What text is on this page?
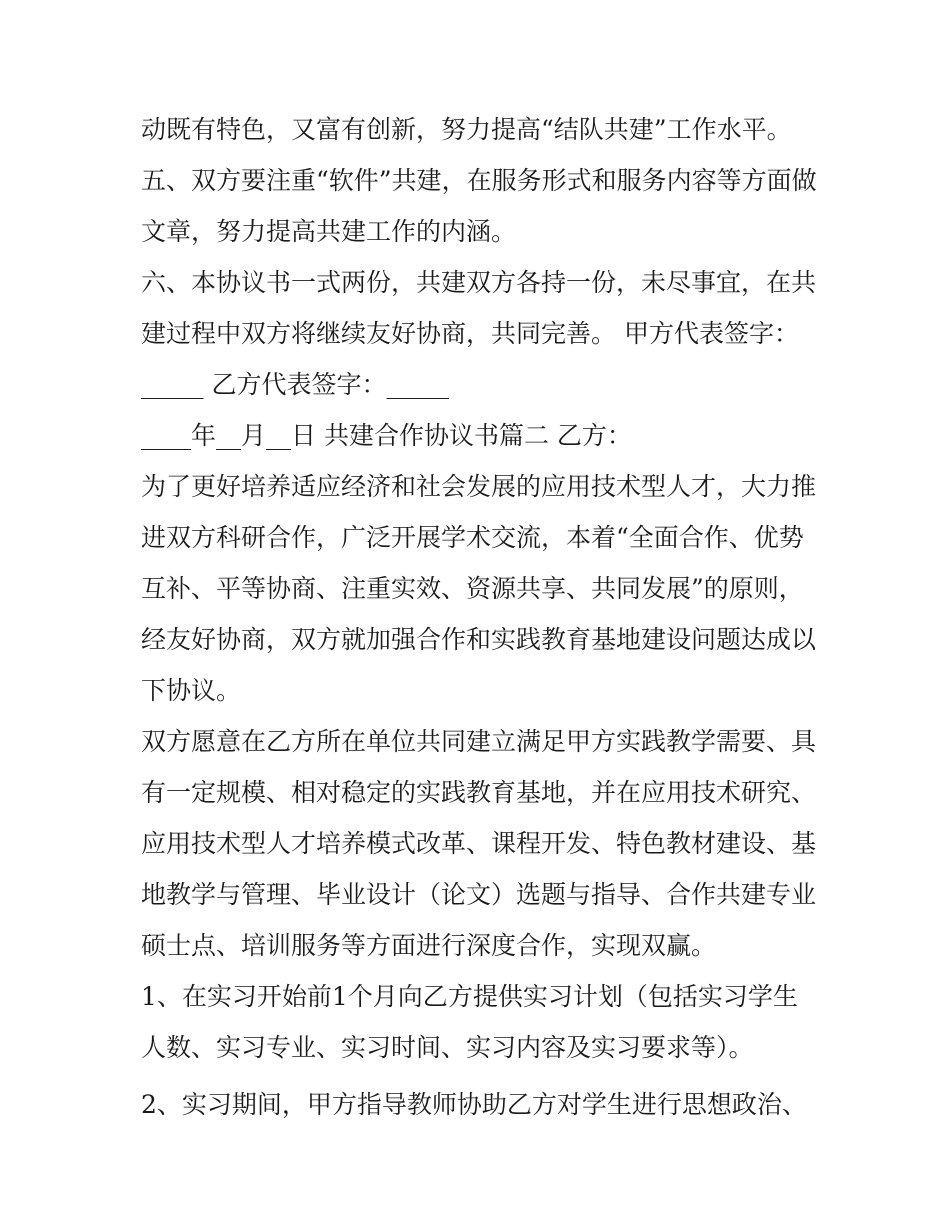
动既有特色，又富有创新，努力提高“结队共建”工作水平。
五、双方要注重“软件”共建，在服务形式和服务内容等方面做
文章，努力提高共建工作的内涵。
六、本协议书一式两份，共建双方各持一份，未尽事宜，在共
建过程中双方将继续友好协商，共同完善。 甲方代表签字：
_____ 乙方代表签字：_____
____年__月__日 共建合作协议书篇二 乙方：
为了更好培养适应经济和社会发展的应用技术型人才，大力推
进双方科研合作，广泛开展学术交流，本着“全面合作、优势
互补、平等协商、注重实效、资源共享、共同发展”的原则，
经友好协商，双方就加强合作和实践教育基地建设问题达成以
下协议。
双方愿意在乙方所在单位共同建立满足甲方实践教学需要、具
有一定规模、相对稳定的实践教育基地，并在应用技术研究、
应用技术型人才培养模式改革、课程开发、特色教材建设、基
地教学与管理、毕业设计（论文）选题与指导、合作共建专业
硕士点、培训服务等方面进行深度合作，实现双赢。
1、在实习开始前1个月向乙方提供实习计划（包括实习学生
人数、实习专业、实习时间、实习内容及实习要求等）。
2、实习期间，甲方指导教师协助乙方对学生进行思想政治、
